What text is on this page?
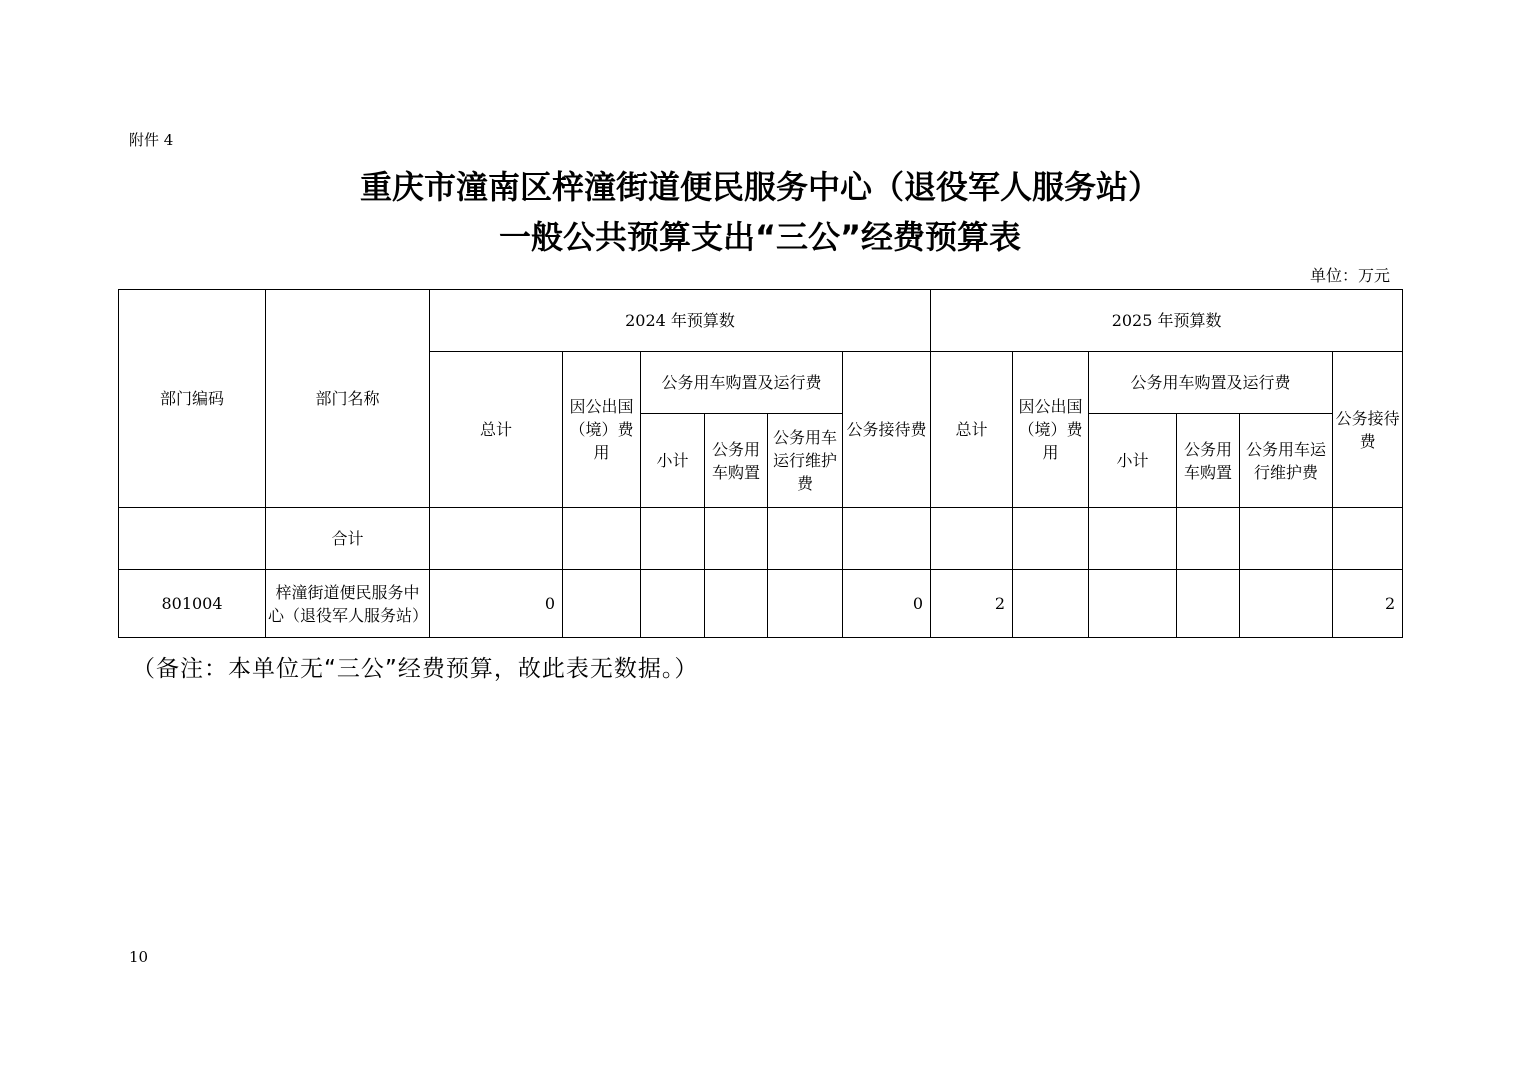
附件 4
重庆市潼南区梓潼街道便民服务中心（退役军人服务站）
一般公共预算支出“三公”经费预算表
单位：万元
部门编码	部门名称	2024 年预算数						2025 年预算数					
		总计	因公出国（境）费用	公务用车购置及运行费			公务接待费	总计	因公出国（境）费用	公务用车购置及运行费			公务接待费
				小计	公务用车购置	公务用车运行维护费				小计	公务用车购置	公务用车运行维护费	
	合计												
801004	梓潼街道便民服务中心（退役军人服务站）	0					0	2					2
（备注：本单位无“三公”经费预算，故此表无数据。）
10
